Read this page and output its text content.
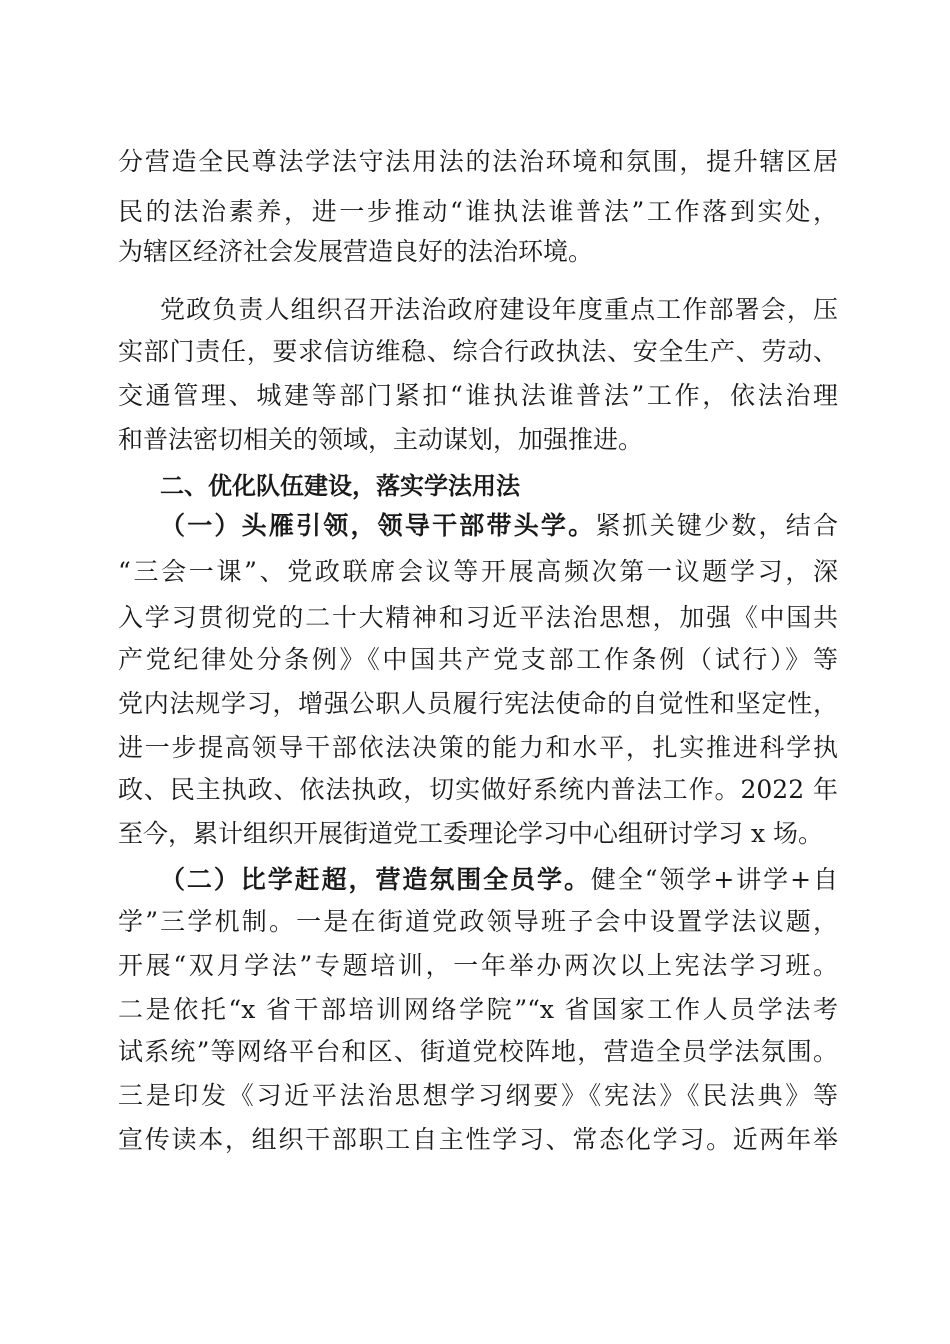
分营造全民尊法学法守法用法的法治环境和氛围，提升辖区居
民的法治素养，进一步推动“谁执法谁普法”工作落到实处，
为辖区经济社会发展营造良好的法治环境。
党政负责人组织召开法治政府建设年度重点工作部署会，压
实部门责任，要求信访维稳、综合行政执法、安全生产、劳动、
交通管理、城建等部门紧扣“谁执法谁普法”工作，依法治理
和普法密切相关的领域，主动谋划，加强推进。
二、优化队伍建设，落实学法用法
（一）头雁引领，领导干部带头学。紧抓关键少数，结合
“三会一课”、党政联席会议等开展高频次第一议题学习，深
入学习贯彻党的二十大精神和习近平法治思想，加强《中国共
产党纪律处分条例》《中国共产党支部工作条例（试行）》等
党内法规学习，增强公职人员履行宪法使命的自觉性和坚定性，
进一步提高领导干部依法决策的能力和水平，扎实推进科学执
政、民主执政、依法执政，切实做好系统内普法工作。2022 年
至今，累计组织开展街道党工委理论学习中心组研讨学习 x 场。
（二）比学赶超，营造氛围全员学。健全“领学+讲学+自
学”三学机制。一是在街道党政领导班子会中设置学法议题，
开展“双月学法”专题培训，一年举办两次以上宪法学习班。
二是依托“x 省干部培训网络学院”“x 省国家工作人员学法考
试系统”等网络平台和区、街道党校阵地，营造全员学法氛围。
三是印发《习近平法治思想学习纲要》《宪法》《民法典》等
宣传读本，组织干部职工自主性学习、常态化学习。近两年举
